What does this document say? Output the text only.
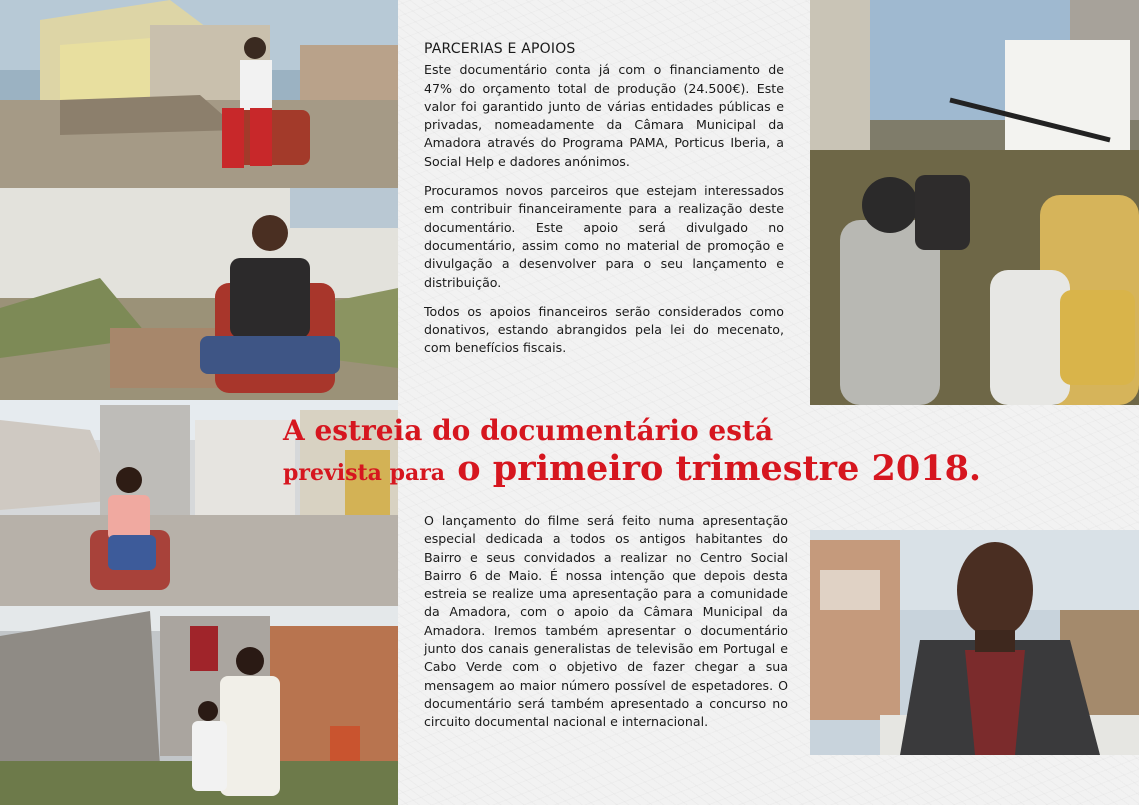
PARCERIAS E APOIOS

Este documentário conta já com o financiamento de 47% do orçamento total de produção (24.500€). Este valor foi garantido junto de várias entidades públicas e privadas, nomeadamente da Câmara Municipal da Amadora através do Programa PAMA, Porticus Iberia, a Social Help e dadores anónimos.

Procuramos novos parceiros que estejam interessados em contribuir financeiramente para a realização deste documentário. Este apoio será divulgado no documentário, assim como no material de promoção e divulgação a desenvolver para o seu lançamento e distribuição.

Todos os apoios financeiros serão considerados como donativos, estando abrangidos pela lei do mecenato, com benefícios fiscais.

A estreia do documentário está
prevista para o primeiro trimestre 2018.

O lançamento do filme será feito numa apresentação especial dedicada a todos os antigos habitantes do Bairro e seus convidados a realizar no Centro Social Bairro 6 de Maio. É nossa intenção que depois desta estreia se realize uma apresentação para a comunidade da Amadora, com o apoio da Câmara Municipal da Amadora. Iremos também apresentar o documentário junto dos canais generalistas de televisão em Portugal e Cabo Verde com o objetivo de fazer chegar a sua mensagem ao maior número possível de espetadores. O documentário será também apresentado a concurso no circuito documental nacional e internacional.
